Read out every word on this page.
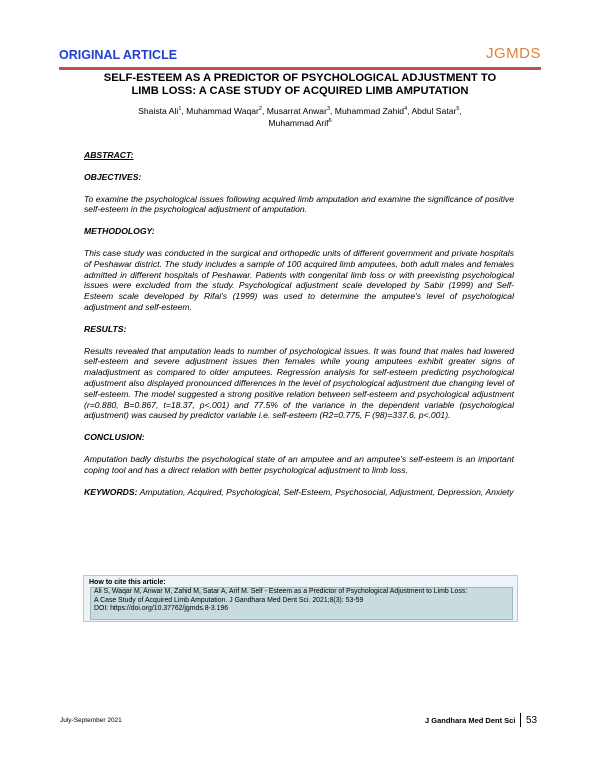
ORIGINAL ARTICLE	JGMDS
SELF-ESTEEM AS A PREDICTOR OF PSYCHOLOGICAL ADJUSTMENT TO
LIMB LOSS: A CASE STUDY OF ACQUIRED LIMB AMPUTATION
Shaista Ali$^1$, Muhammad Waqar$^2$, Musarrat Anwar$^3$, Muhammad Zahid$^4$, Abdul Satar$^5$,
Muhammad Arif$^6$
ABSTRACT:
OBJECTIVES:
To examine the psychological issues following acquired limb amputation and examine the significance of positive self-esteem in the psychological adjustment of amputation.
METHODOLOGY:
This case study was conducted in the surgical and orthopedic units of different government and private hospitals of Peshawar district. The study includes a sample of 100 acquired limb amputees, both adult males and females admitted in different hospitals of Peshawar. Patients with congenital limb loss or with preexisting psychological issues were excluded from the study. Psychological adjustment scale developed by Sabir (1999) and Self-Esteem scale developed by Rifai's (1999) was used to determine the amputee's level of psychological adjustment and self-esteem.
RESULTS:
Results revealed that amputation leads to number of psychological issues. It was found that males had lowered self-esteem and severe adjustment issues then females while young amputees exhibit greater signs of maladjustment as compared to older amputees. Regression analysis for self-esteem predicting psychological adjustment also displayed pronounced differences in the level of psychological adjustment due changing level of self-esteem. The model suggested a strong positive relation between self-esteem and psychological adjustment (r=0.880, B=0.867, t=18.37, p<.001) and 77.5% of the variance in the dependent variable (psychological adjustment) was caused by predictor variable i.e. self-esteem (R2=0.775, F (98)=337.6, p<.001).
CONCLUSION:
Amputation badly disturbs the psychological state of an amputee and an amputee's self-esteem is an important coping tool and has a direct relation with better psychological adjustment to limb loss.
KEYWORDS: Amputation, Acquired, Psychological, Self-Esteem, Psychosocial, Adjustment, Depression, Anxiety
How to cite this article:
Ali S, Waqar M, Anwar M, Zahid M, Satar A, Arif M. Self - Esteem as a Predictor of Psychological Adjustment to Limb Loss:
A Case Study of Acquired Limb Amputation. J Gandhara Med Dent Sci. 2021;8(3): 53-59
DOI: https://doi.org/10.37762/jgmds.8-3.196
July-September 2021	J Gandhara Med Dent Sci 53
